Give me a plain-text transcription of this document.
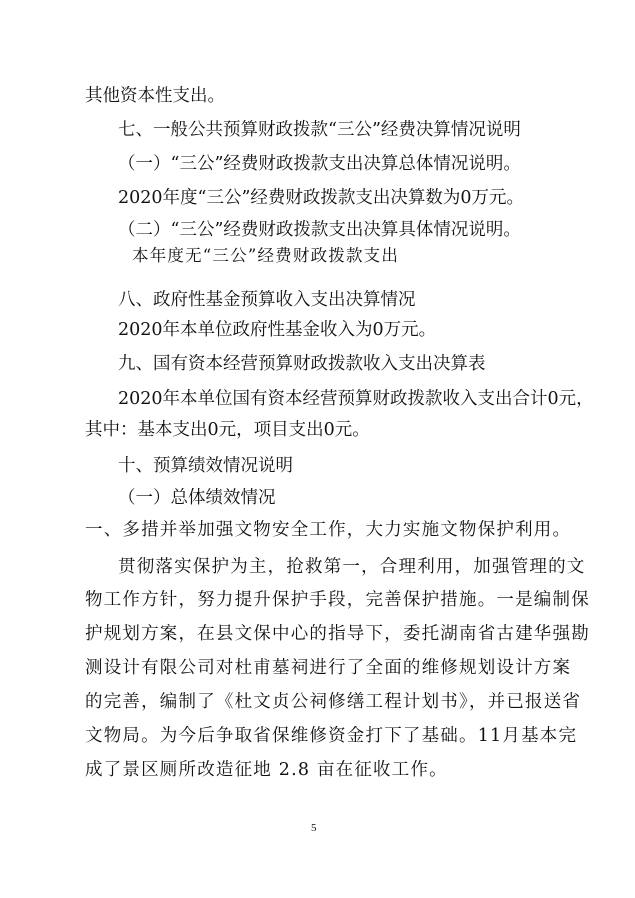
其他资本性支出。
七、一般公共预算财政拨款“三公”经费决算情况说明
（一）“三公”经费财政拨款支出决算总体情况说明。
2020年度“三公”经费财政拨款支出决算数为0万元。
（二）“三公”经费财政拨款支出决算具体情况说明。
本年度无“三公”经费财政拨款支出
八、政府性基金预算收入支出决算情况
2020年本单位政府性基金收入为0万元。
九、国有资本经营预算财政拨款收入支出决算表
2020年本单位国有资本经营预算财政拨款收入支出合计0元，
其中：基本支出0元，项目支出0元。
十、预算绩效情况说明
（一）总体绩效情况
一、多措并举加强文物安全工作，大力实施文物保护利用。
贯彻落实保护为主，抢救第一，合理利用，加强管理的文
物工作方针，努力提升保护手段，完善保护措施。一是编制保
护规划方案，在县文保中心的指导下，委托湖南省古建华强勘
测设计有限公司对杜甫墓祠进行了全面的维修规划设计方案
的完善，编制了《杜文贞公祠修缮工程计划书》，并已报送省
文物局。为今后争取省保维修资金打下了基础。11月基本完
成了景区厕所改造征地 2.8 亩在征收工作。
5
